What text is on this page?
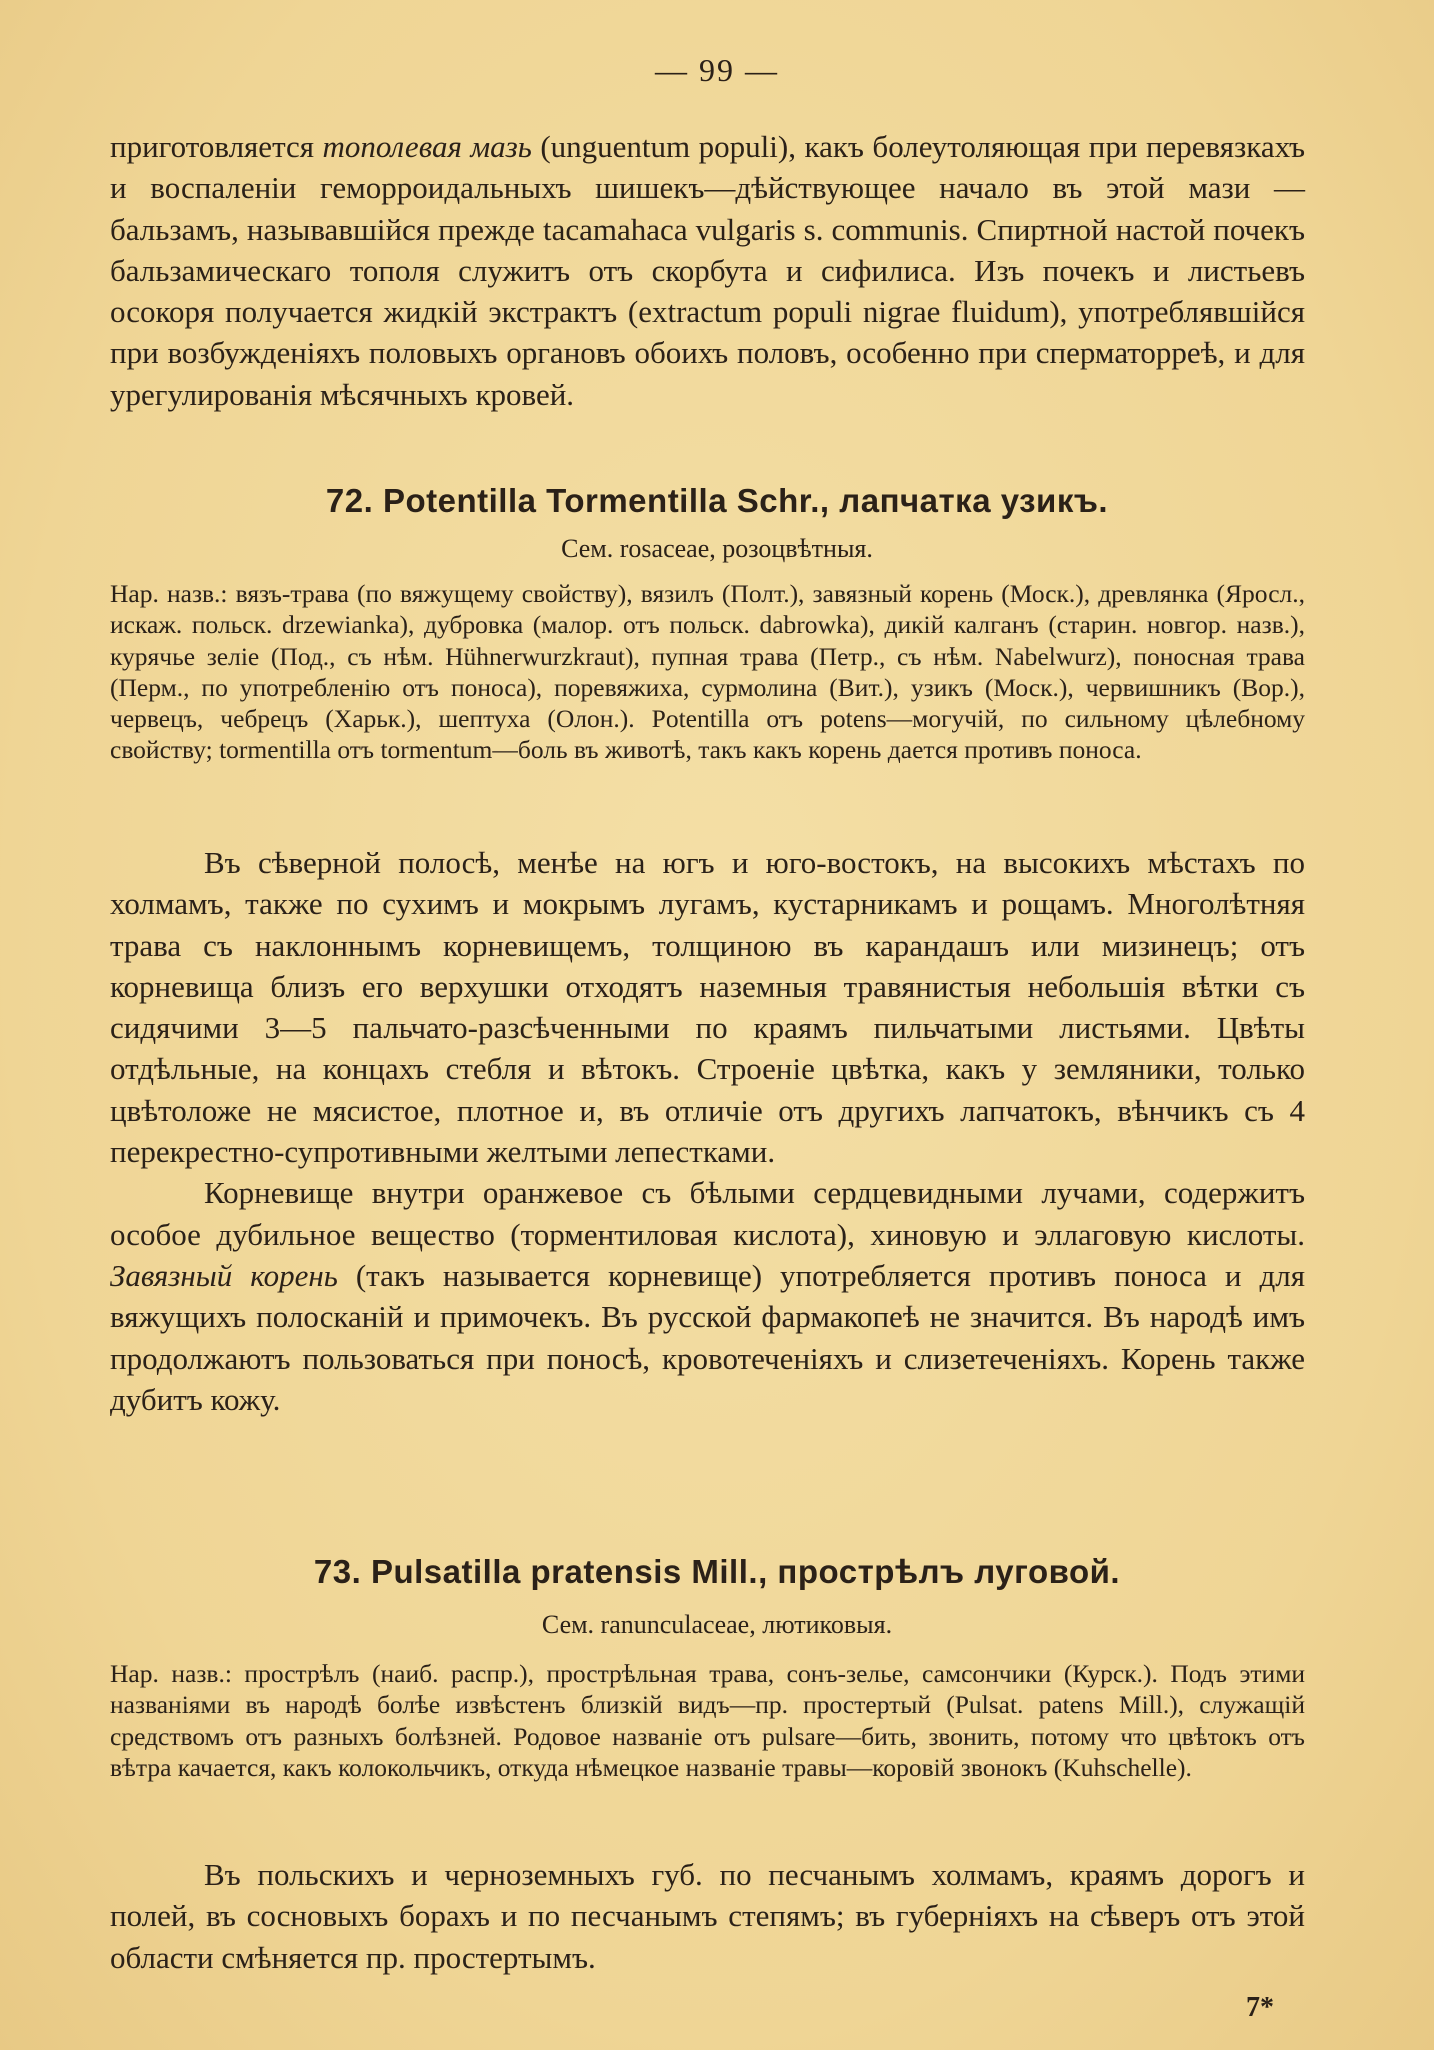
— 99 —

приготовляется тополевая мазь (unguentum populi), какъ болеутоляющая при перевязкахъ и воспаленіи геморроидальныхъ шишекъ—дѣйствующее начало въ этой мази — бальзамъ, называвшійся прежде tacamahaca vulgaris s. communis. Спиртной настой почекъ бальзамическаго тополя служитъ отъ скорбута и сифилиса. Изъ почекъ и листьевъ осокоря получается жидкій экстрактъ (extractum populi nigrae fluidum), употреблявшійся при возбужденіяхъ половыхъ органовъ обоихъ половъ, особенно при сперматорреѣ, и для урегулированія мѣсячныхъ кровей.

72. Potentilla Tormentilla Schr., лапчатка узикъ.
Сем. rosaceae, розоцвѣтныя.

Нар. назв.: вязъ-трава (по вяжущему свойству), вязилъ (Полт.), завязный корень (Моск.), древлянка (Яросл., искаж. польск. drzewianka), дубровка (малор. отъ польск. dabrowka), дикій калганъ (старин. новгор. назв.), курячье зеліе (Под., съ нѣм. Hühnerwurzkraut), пупная трава (Петр., съ нѣм. Nabelwurz), поносная трава (Перм., по употребленію отъ поноса), поревяжиха, сурмолина (Вит.), узикъ (Моск.), червишникъ (Вор.), червецъ, чебрецъ (Харьк.), шептуха (Олон.). Potentilla отъ potens—могучій, по сильному цѣлебному свойству; tormentilla отъ tormentum—боль въ животѣ, такъ какъ корень дается противъ поноса.

Въ сѣверной полосѣ, менѣе на югъ и юго-востокъ, на высокихъ мѣстахъ по холмамъ, также по сухимъ и мокрымъ лугамъ, кустарникамъ и рощамъ. Многолѣтняя трава съ наклоннымъ корневищемъ, толщиною въ карандашъ или мизинецъ; отъ корневища близъ его верхушки отходятъ наземныя травянистыя небольшія вѣтки съ сидячими 3—5 пальчато-разсѣченными по краямъ пильчатыми листьями. Цвѣты отдѣльные, на концахъ стебля и вѣтокъ. Строеніе цвѣтка, какъ у земляники, только цвѣтоложе не мясистое, плотное и, въ отличіе отъ другихъ лапчатокъ, вѣнчикъ съ 4 перекрестно-супротивными желтыми лепестками.

Корневище внутри оранжевое съ бѣлыми сердцевидными лучами, содержитъ особое дубильное вещество (торментиловая кислота), хиновую и эллаговую кислоты. Завязный корень (такъ называется корневище) употребляется противъ поноса и для вяжущихъ полосканій и примочекъ. Въ русской фармакопеѣ не значится. Въ народѣ имъ продолжаютъ пользоваться при поносѣ, кровотеченіяхъ и слизетеченіяхъ. Корень также дубитъ кожу.

73. Pulsatilla pratensis Mill., прострѣлъ луговой.
Сем. ranunculaceae, лютиковыя.

Нар. назв.: прострѣлъ (наиб. распр.), прострѣльная трава, сонъ-зелье, самсончики (Курск.). Подъ этими названіями въ народѣ болѣе извѣстенъ близкій видъ—пр. простертый (Pulsat. patens Mill.), служащій средствомъ отъ разныхъ болѣзней. Родовое названіе отъ pulsare—бить, звонить, потому что цвѣтокъ отъ вѣтра качается, какъ колокольчикъ, откуда нѣмецкое названіе травы—коровій звонокъ (Kuhschelle).

Въ польскихъ и черноземныхъ губ. по песчанымъ холмамъ, краямъ дорогъ и полей, въ сосновыхъ борахъ и по песчанымъ степямъ; въ губерніяхъ на сѣверъ отъ этой области смѣняется пр. простертымъ.

7*
